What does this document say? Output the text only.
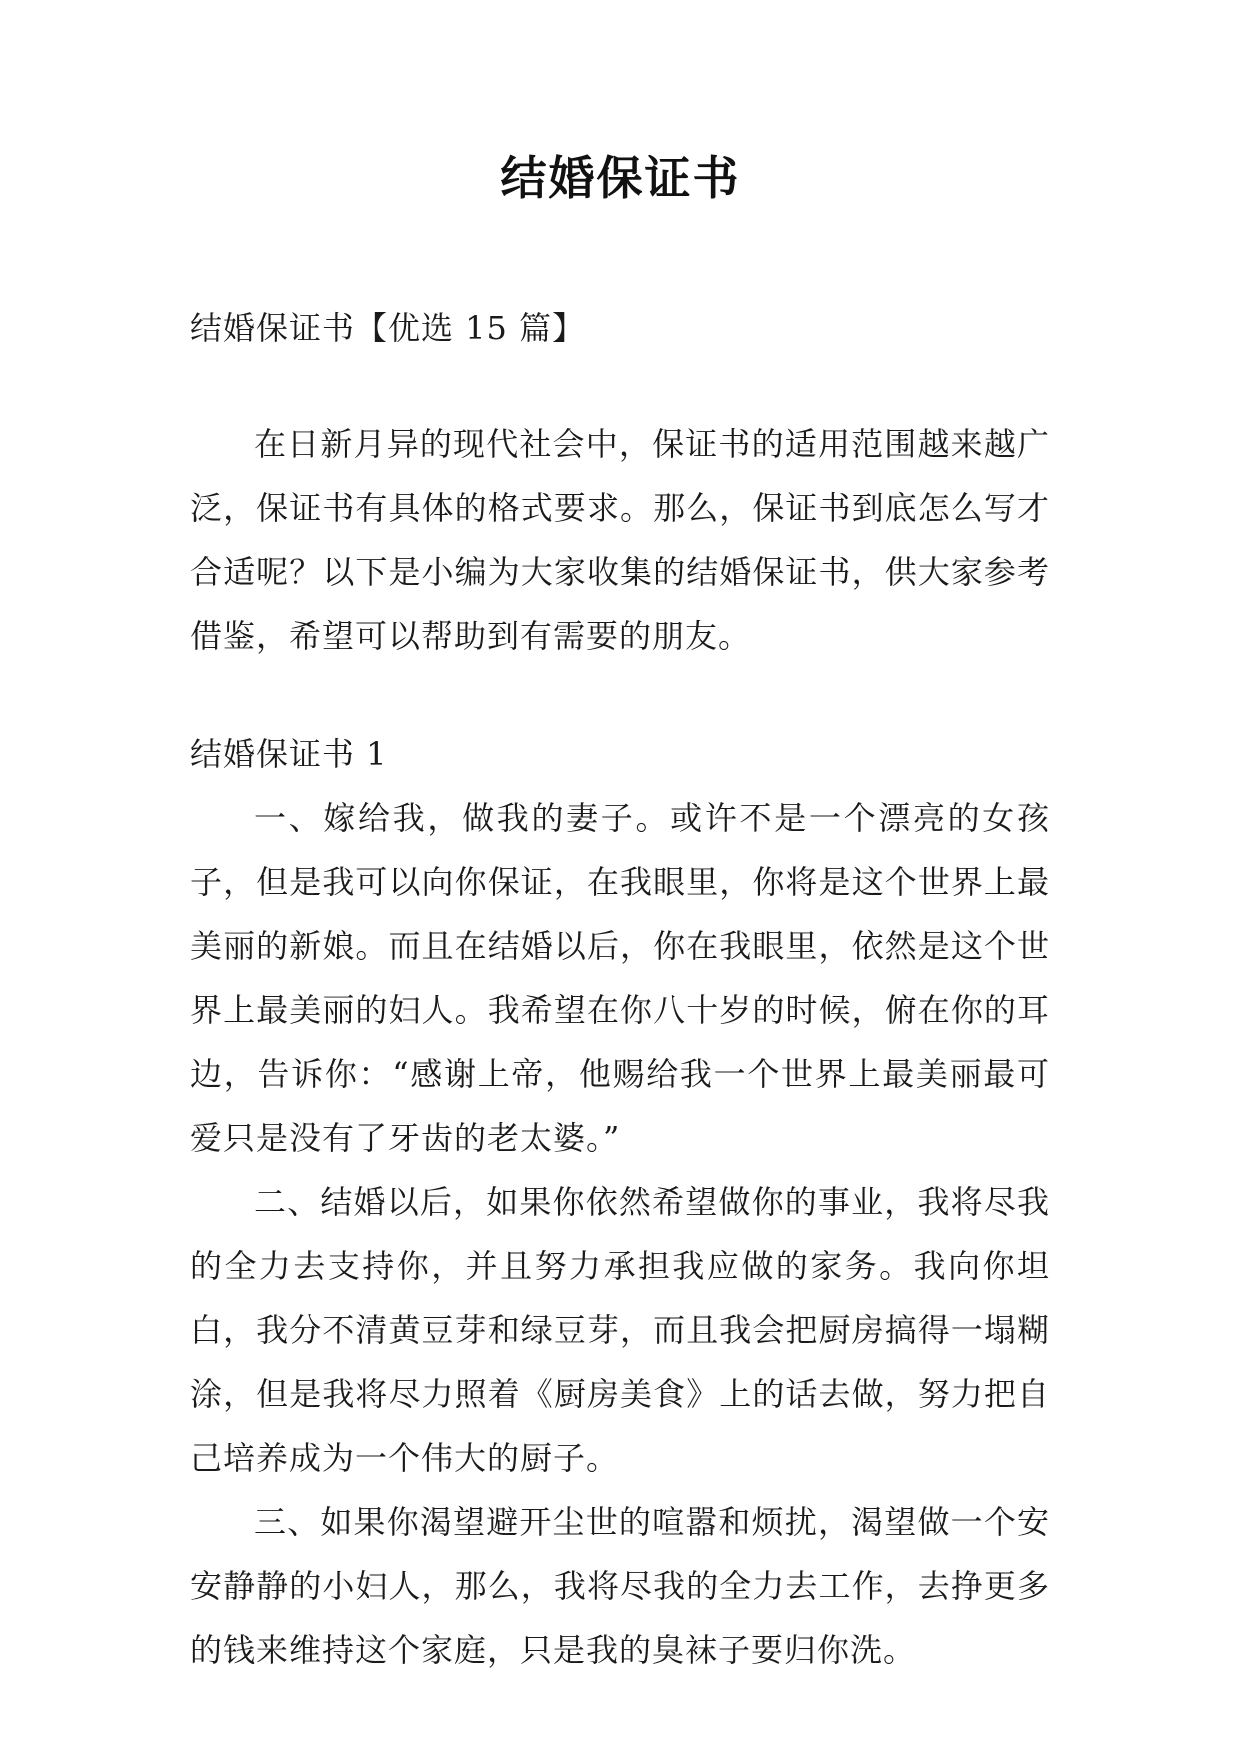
结婚保证书

结婚保证书【优选 15 篇】

在日新月异的现代社会中，保证书的适用范围越来越广泛，保证书有具体的格式要求。那么，保证书到底怎么写才合适呢？以下是小编为大家收集的结婚保证书，供大家参考借鉴，希望可以帮助到有需要的朋友。

结婚保证书 1

一、嫁给我，做我的妻子。或许不是一个漂亮的女孩子，但是我可以向你保证，在我眼里，你将是这个世界上最美丽的新娘。而且在结婚以后，你在我眼里，依然是这个世界上最美丽的妇人。我希望在你八十岁的时候，俯在你的耳边，告诉你：“感谢上帝，他赐给我一个世界上最美丽最可爱只是没有了牙齿的老太婆。”

二、结婚以后，如果你依然希望做你的事业，我将尽我的全力去支持你，并且努力承担我应做的家务。我向你坦白，我分不清黄豆芽和绿豆芽，而且我会把厨房搞得一塌糊涂，但是我将尽力照着《厨房美食》上的话去做，努力把自己培养成为一个伟大的厨子。

三、如果你渴望避开尘世的喧嚣和烦扰，渴望做一个安安静静的小妇人，那么，我将尽我的全力去工作，去挣更多的钱来维持这个家庭，只是我的臭袜子要归你洗。
